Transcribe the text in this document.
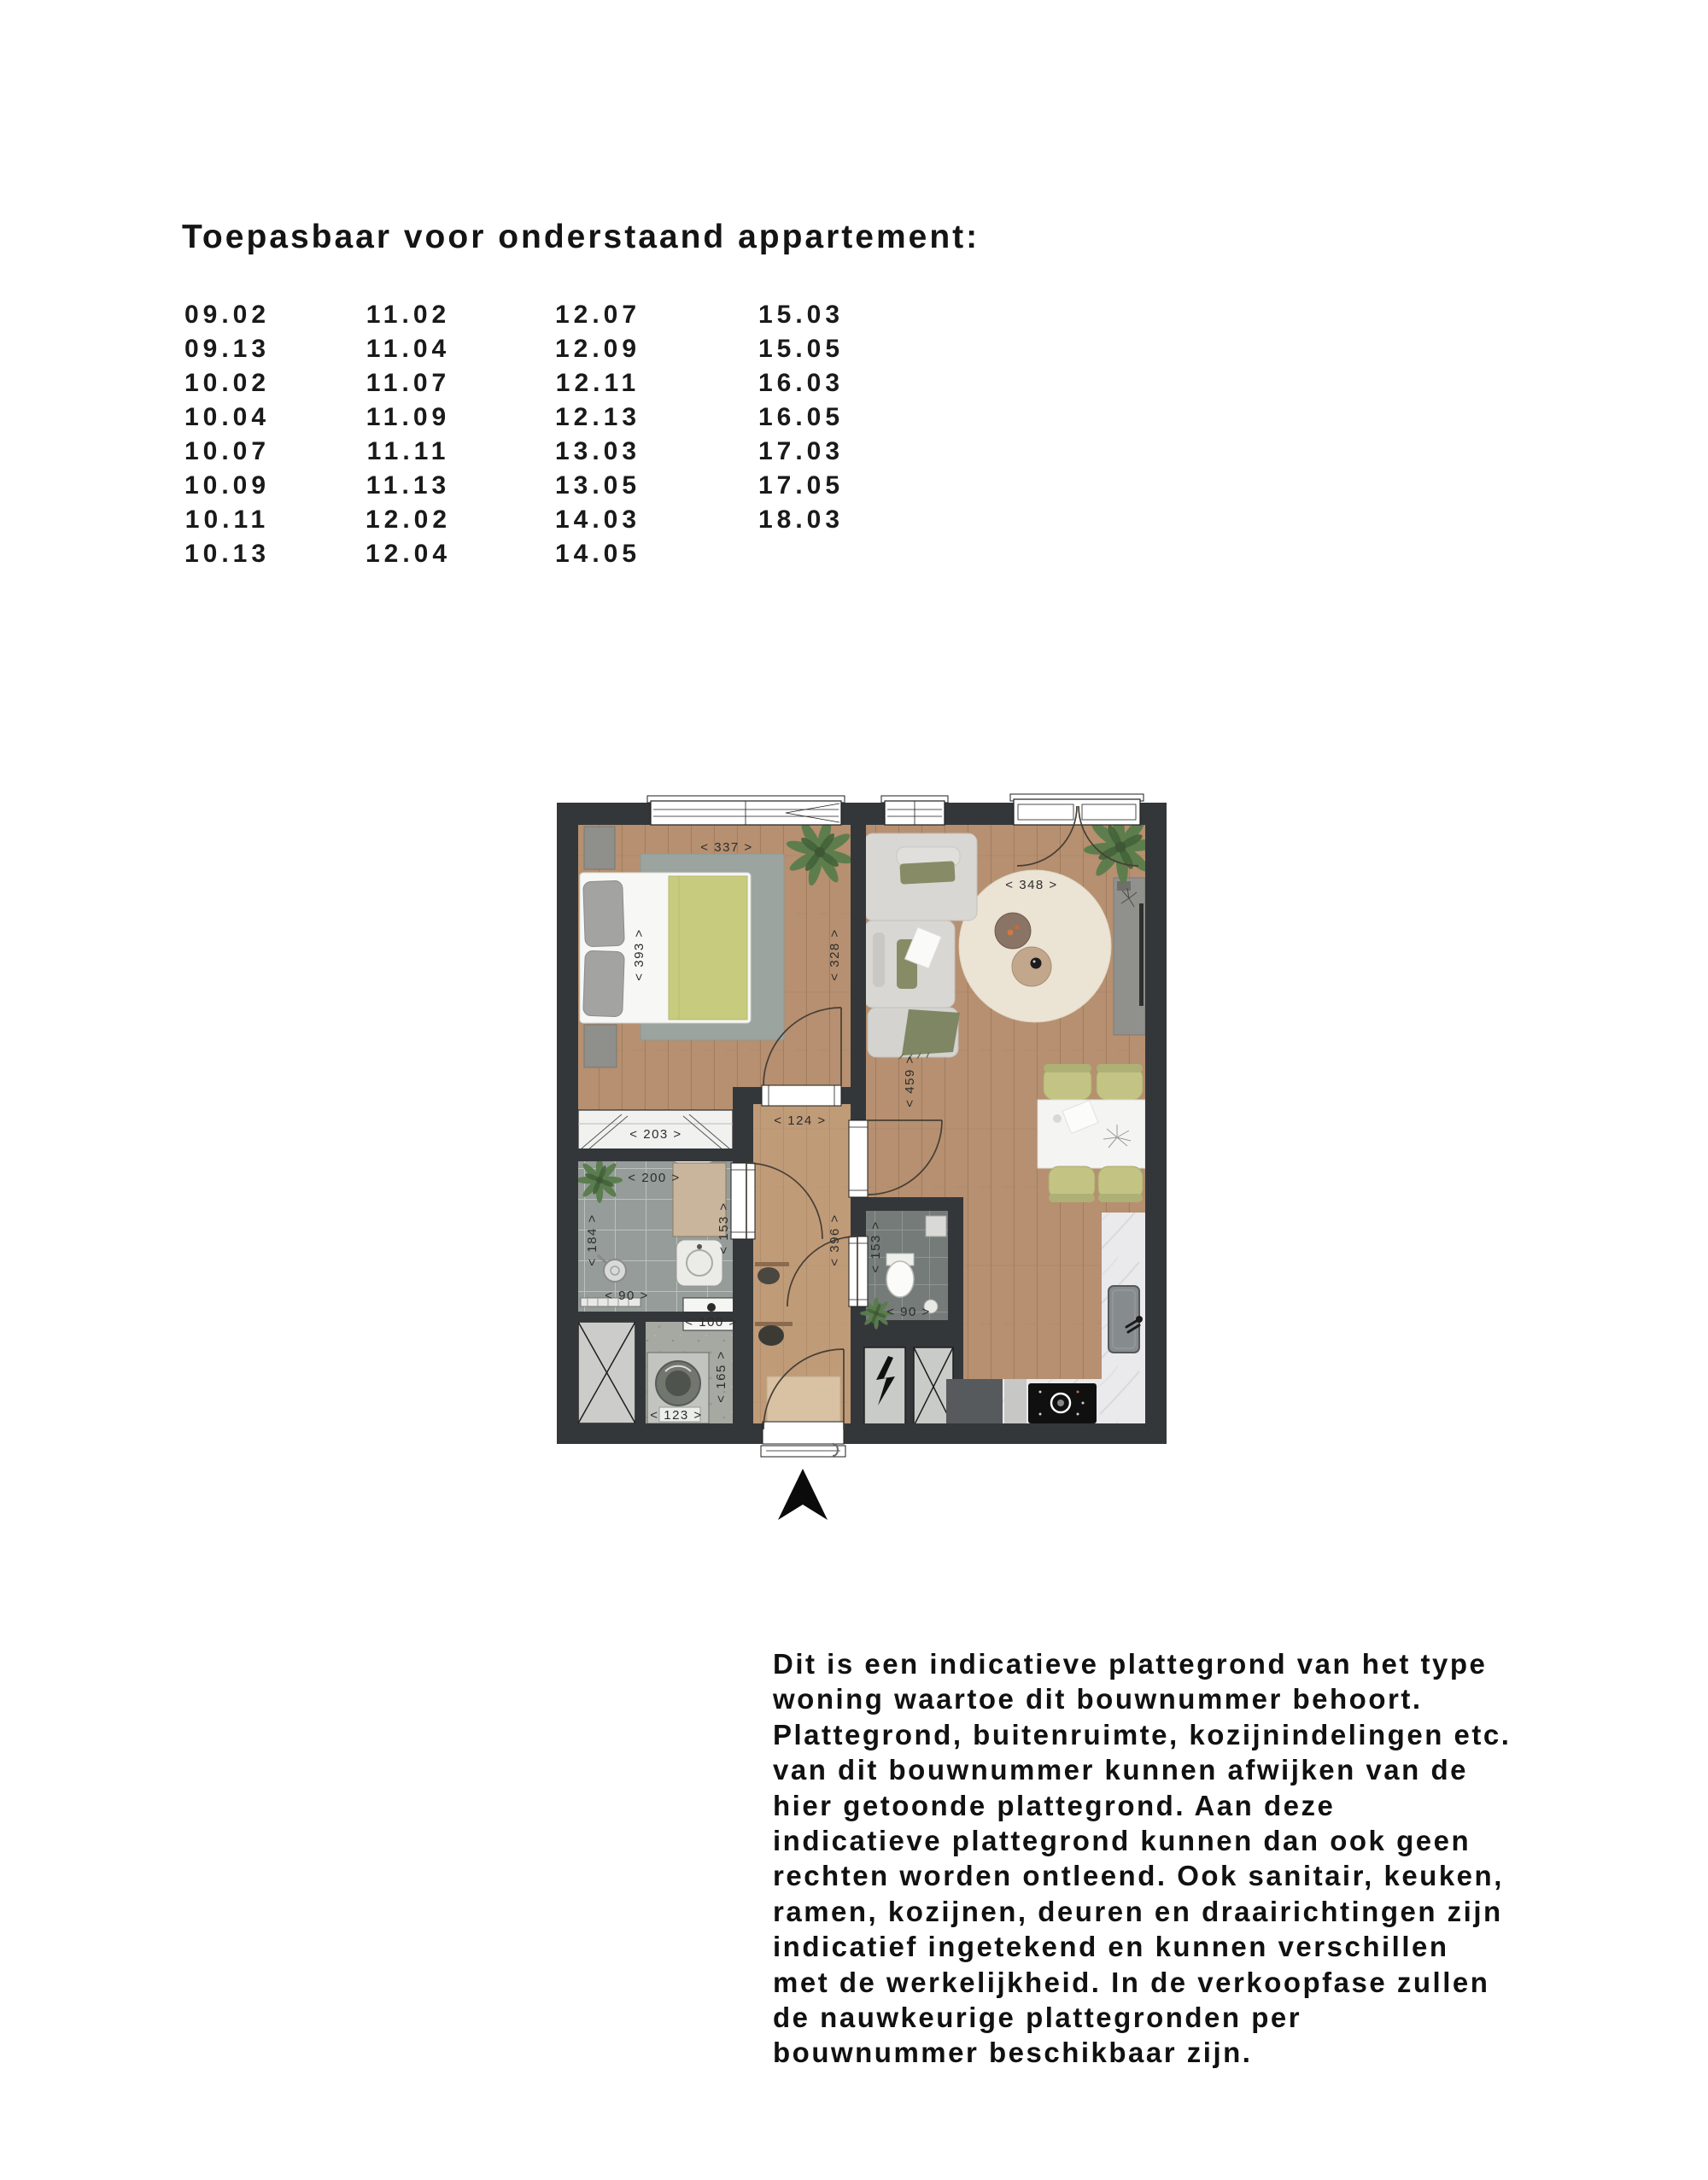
Toepasbaar voor onderstaand appartement:
09.02
09.13
10.02
10.04
10.07
10.09
10.11
10.13
11.02
11.04
11.07
11.09
11.11
11.13
12.02
12.04
12.07
12.09
12.11
12.13
13.03
13.05
14.03
14.05
15.03
15.05
16.03
16.05
17.03
17.05
18.03
< 337 >
< 393 >	< 328 >
< 348 >
< 459 >
< 124 >
< 203 >
< 200 >
< 184 >	< 153 >
< 90 >
< 100 >
< 165 >
< 123 >
< 396 > < 153 >
< 90 >
Dit is een indicatieve plattegrond van het type
woning waartoe dit bouwnummer behoort.
Plattegrond, buitenruimte, kozijnindelingen etc.
van dit bouwnummer kunnen afwijken van de
hier getoonde plattegrond. Aan deze
indicatieve plattegrond kunnen dan ook geen
rechten worden ontleend. Ook sanitair, keuken,
ramen, kozijnen, deuren en draairichtingen zijn
indicatief ingetekend en kunnen verschillen
met de werkelijkheid. In de verkoopfase zullen
de nauwkeurige plattegronden per
bouwnummer beschikbaar zijn.
